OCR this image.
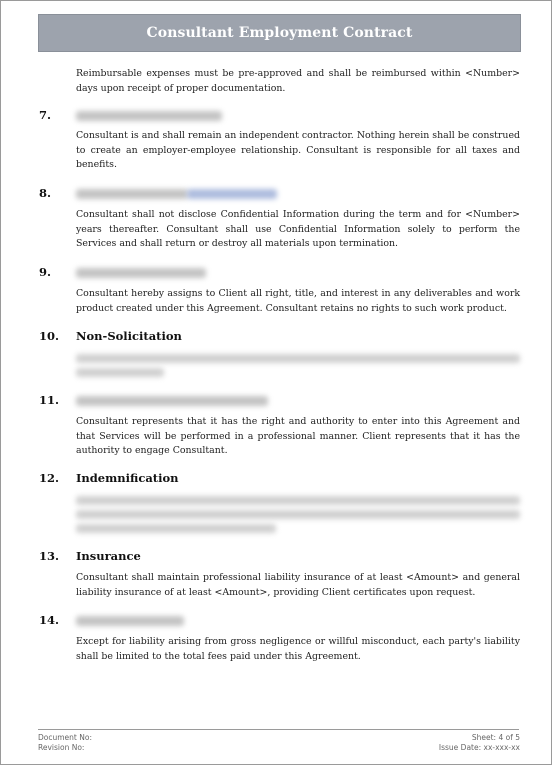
Consultant Employment Contract
Reimbursable expenses must be pre-approved and shall be reimbursed within <Number> days upon receipt of proper documentation.
7.
Consultant is and shall remain an independent contractor. Nothing herein shall be construed to create an employer-employee relationship. Consultant is responsible for all taxes and benefits.
8.
Consultant shall not disclose Confidential Information during the term and for <Number> years thereafter. Consultant shall use Confidential Information solely to perform the Services and shall return or destroy all materials upon termination.
9.
Consultant hereby assigns to Client all right, title, and interest in any deliverables and work product created under this Agreement. Consultant retains no rights to such work product.
10. Non-Solicitation
11.
Consultant represents that it has the right and authority to enter into this Agreement and that Services will be performed in a professional manner. Client represents that it has the authority to engage Consultant.
12. Indemnification
13. Insurance
Consultant shall maintain professional liability insurance of at least <Amount> and general liability insurance of at least <Amount>, providing Client certificates upon request.
14.
Except for liability arising from gross negligence or willful misconduct, each party's liability shall be limited to the total fees paid under this Agreement.
Document No:
Revision No:
Sheet: 4 of 5
Issue Date: xx-xxx-xx
